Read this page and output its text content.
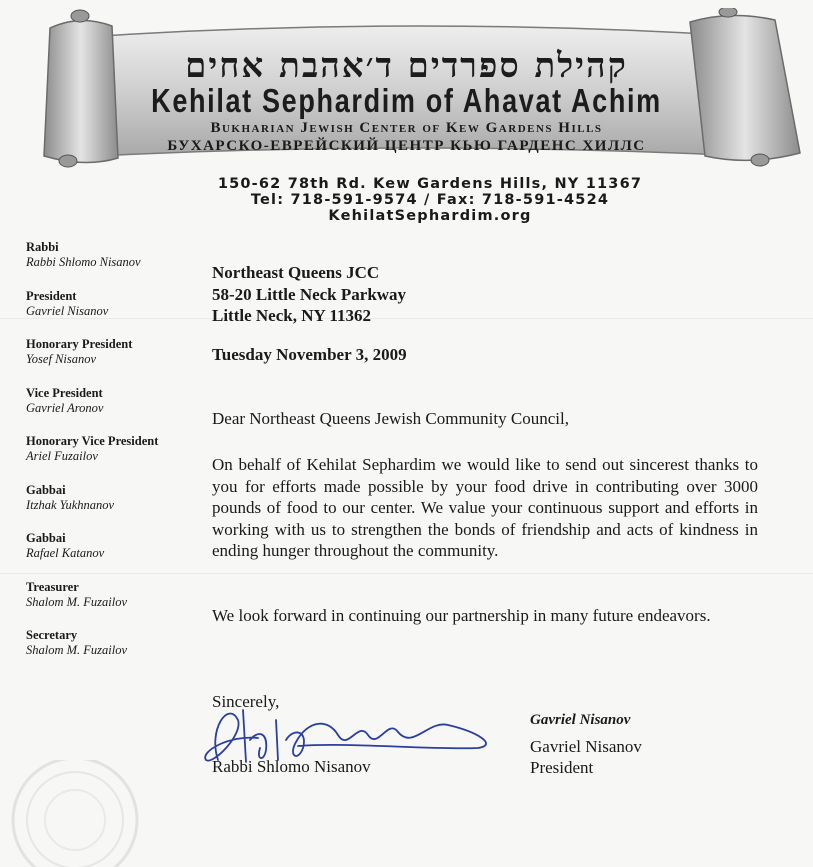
קהילת ספרדים ד׳אהבת אחים
Kehilat Sephardim of Ahavat Achim
Bukharian Jewish Center of Kew Gardens Hills
БУХАРСКО-ЕВРЕЙСКИЙ ЦЕНТР КЬЮ ГАРДЕНС ХИЛЛС
150-62 78th Rd. Kew Gardens Hills, NY 11367
Tel: 718-591-9574 / Fax: 718-591-4524
KehilatSephardim.org
Rabbi
Rabbi Shlomo Nisanov
President
Gavriel Nisanov
Honorary President
Yosef Nisanov
Vice President
Gavriel Aronov
Honorary Vice President
Ariel Fuzailov
Gabbai
Itzhak Yukhnanov
Gabbai
Rafael Katanov
Treasurer
Shalom M. Fuzailov
Secretary
Shalom M. Fuzailov
Northeast Queens JCC
58-20 Little Neck Parkway
Little Neck, NY 11362
Tuesday November 3, 2009
Dear Northeast Queens Jewish Community Council,
On behalf of Kehilat Sephardim we would like to send out sincerest thanks to you for efforts made possible by your food drive in contributing over 3000 pounds of food to our center. We value your continuous support and efforts in working with us to strengthen the bonds of friendship and acts of kindness in ending hunger throughout the community.
We look forward in continuing our partnership in many future endeavors.
Sincerely,
Rabbi Shlomo Nisanov
Gavriel Nisanov
Gavriel Nisanov
President
